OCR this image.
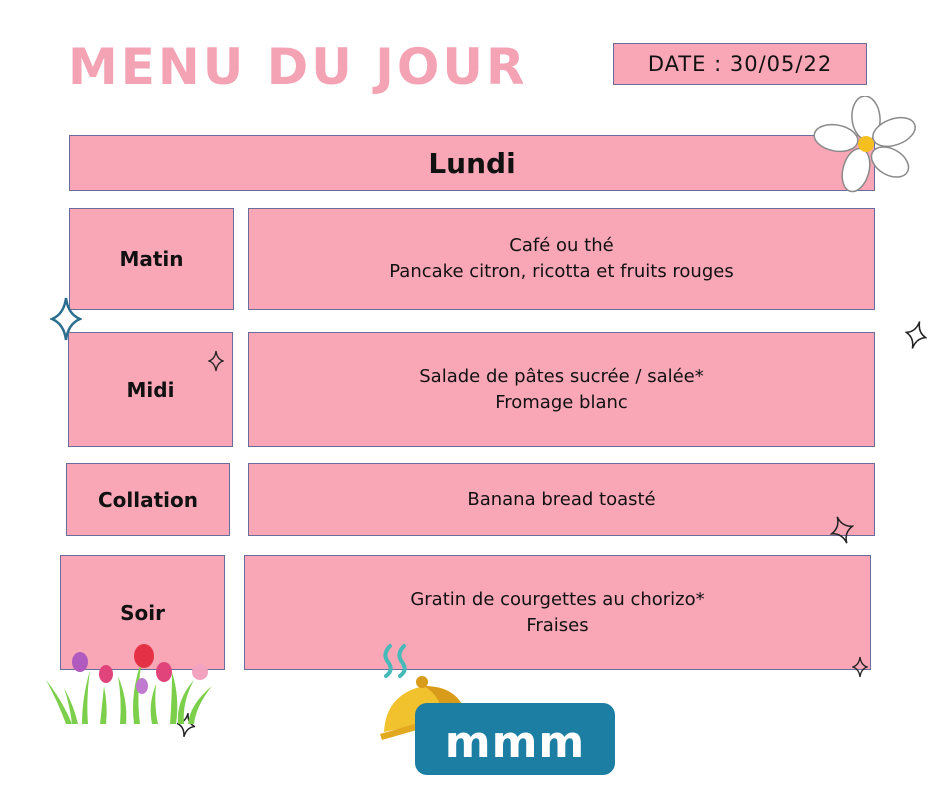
MENU DU JOUR	DATE : 30/05/22
Lundi
Matin
Café ou thé
Pancake citron, ricotta et fruits rouges
Midi
Salade de pâtes sucrée / salée*
Fromage blanc
Collation	Banana bread toasté
Soir
Gratin de courgettes au chorizo*
Fraises
mmm
